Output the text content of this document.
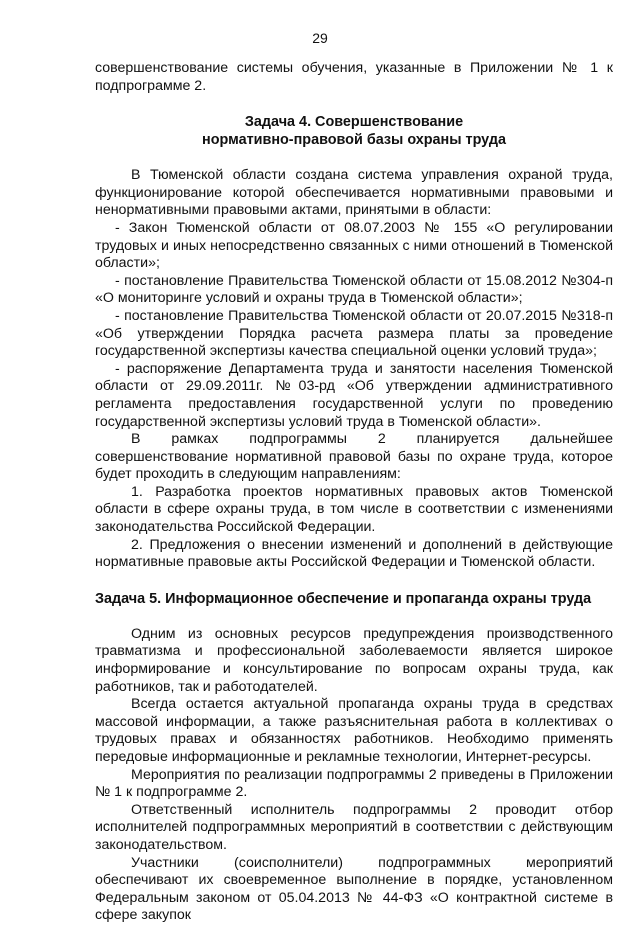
29

совершенствование системы обучения, указанные в Приложении № 1 к подпрограмме 2.

Задача 4. Совершенствование
нормативно-правовой базы охраны труда

В Тюменской области создана система управления охраной труда, функционирование которой обеспечивается нормативными правовыми и ненормативными правовыми актами, принятыми в области:

- Закон Тюменской области от 08.07.2003 № 155 «О регулировании трудовых и иных непосредственно связанных с ними отношений в Тюменской области»;

- постановление Правительства Тюменской области от 15.08.2012 №304-п «О мониторинге условий и охраны труда в Тюменской области»;

- постановление Правительства Тюменской области от 20.07.2015 №318-п «Об утверждении Порядка расчета размера платы за проведение государственной экспертизы качества специальной оценки условий труда»;

- распоряжение Департамента труда и занятости населения Тюменской области от 29.09.2011г. №03-рд «Об утверждении административного регламента предоставления государственной услуги по проведению государственной экспертизы условий труда в Тюменской области».

В рамках подпрограммы 2 планируется дальнейшее совершенствование нормативной правовой базы по охране труда, которое будет проходить в следующим направлениям:

1. Разработка проектов нормативных правовых актов Тюменской области в сфере охраны труда, в том числе в соответствии с изменениями законодательства Российской Федерации.

2. Предложения о внесении изменений и дополнений в действующие нормативные правовые акты Российской Федерации и Тюменской области.

Задача 5. Информационное обеспечение и пропаганда охраны труда

Одним из основных ресурсов предупреждения производственного травматизма и профессиональной заболеваемости является широкое информирование и консультирование по вопросам охраны труда, как работников, так и работодателей.

Всегда остается актуальной пропаганда охраны труда в средствах массовой информации, а также разъяснительная работа в коллективах о трудовых правах и обязанностях работников. Необходимо применять передовые информационные и рекламные технологии, Интернет-ресурсы.

Мероприятия по реализации подпрограммы 2 приведены в Приложении № 1 к подпрограмме 2.

Ответственный исполнитель подпрограммы 2 проводит отбор исполнителей подпрограммных мероприятий в соответствии с действующим законодательством.

Участники (соисполнители) подпрограммных мероприятий обеспечивают их своевременное выполнение в порядке, установленном Федеральным законом от 05.04.2013 № 44-ФЗ «О контрактной системе в сфере закупок
